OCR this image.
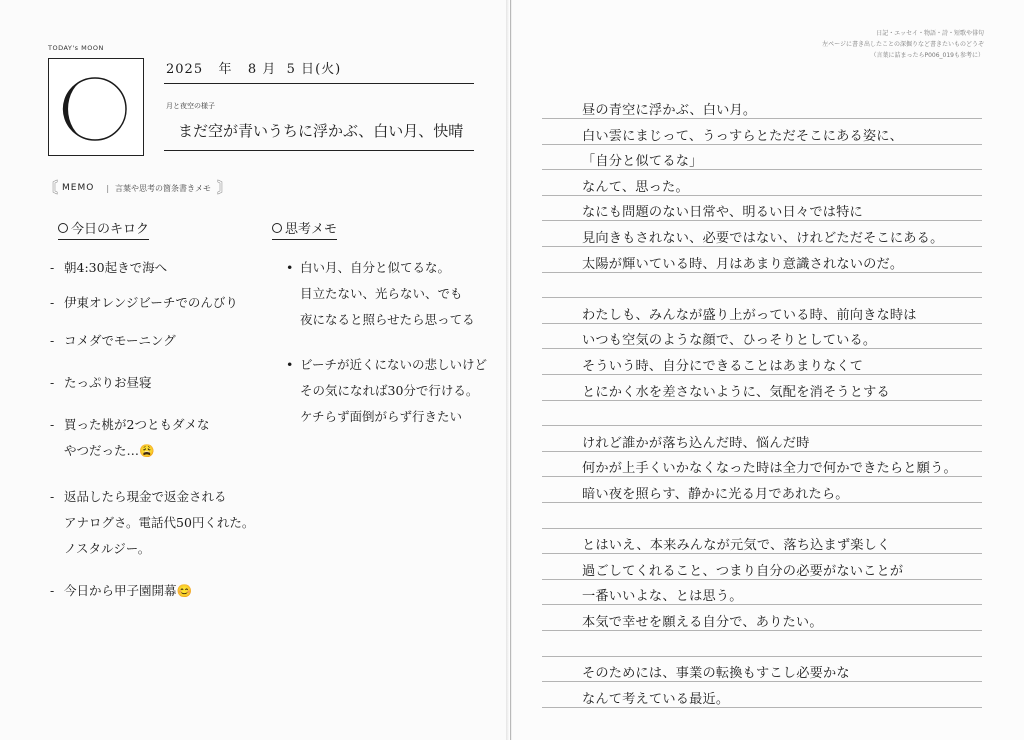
TODAY's MOON
2025 年 8 月 5 日(火)
月と夜空の様子
まだ空が青いうちに浮かぶ、白い月、快晴
〘 MEMO | 言葉や思考の箇条書きメモ 〙
今日のキロク	思考メモ
- 朝4:30起きで海へ
- 伊東オレンジビーチでのんびり
- コメダでモーニング
- たっぷりお昼寝
- 買った桃が2つともダメな
やつだった…😩
- 返品したら現金で返金される
アナログさ。電話代50円くれた。
ノスタルジー。
- 今日から甲子園開幕😊
• 白い月、自分と似てるな。
目立たない、光らない、でも
夜になると照らせたら思ってる
• ビーチが近くにないの悲しいけど
その気になれば30分で行ける。
ケチらず面倒がらず行きたい
日記・エッセイ・物語・詩・短歌や俳句
左ページに書き出したことの深掘りなど書きたいものどうぞ
（言葉に詰まったらP006_019も参考に）
昼の青空に浮かぶ、白い月。
白い雲にまじって、うっすらとただそこにある姿に、
「自分と似てるな」
なんて、思った。
なにも問題のない日常や、明るい日々では特に
見向きもされない、必要ではない、けれどただそこにある。
太陽が輝いている時、月はあまり意識されないのだ。
わたしも、みんなが盛り上がっている時、前向きな時は
いつも空気のような顔で、ひっそりとしている。
そういう時、自分にできることはあまりなくて
とにかく水を差さないように、気配を消そうとする
けれど誰かが落ち込んだ時、悩んだ時
何かが上手くいかなくなった時は全力で何かできたらと願う。
暗い夜を照らす、静かに光る月であれたら。
とはいえ、本来みんなが元気で、落ち込まず楽しく
過ごしてくれること、つまり自分の必要がないことが
一番いいよな、とは思う。
本気で幸せを願える自分で、ありたい。
そのためには、事業の転換もすこし必要かな
なんて考えている最近。
